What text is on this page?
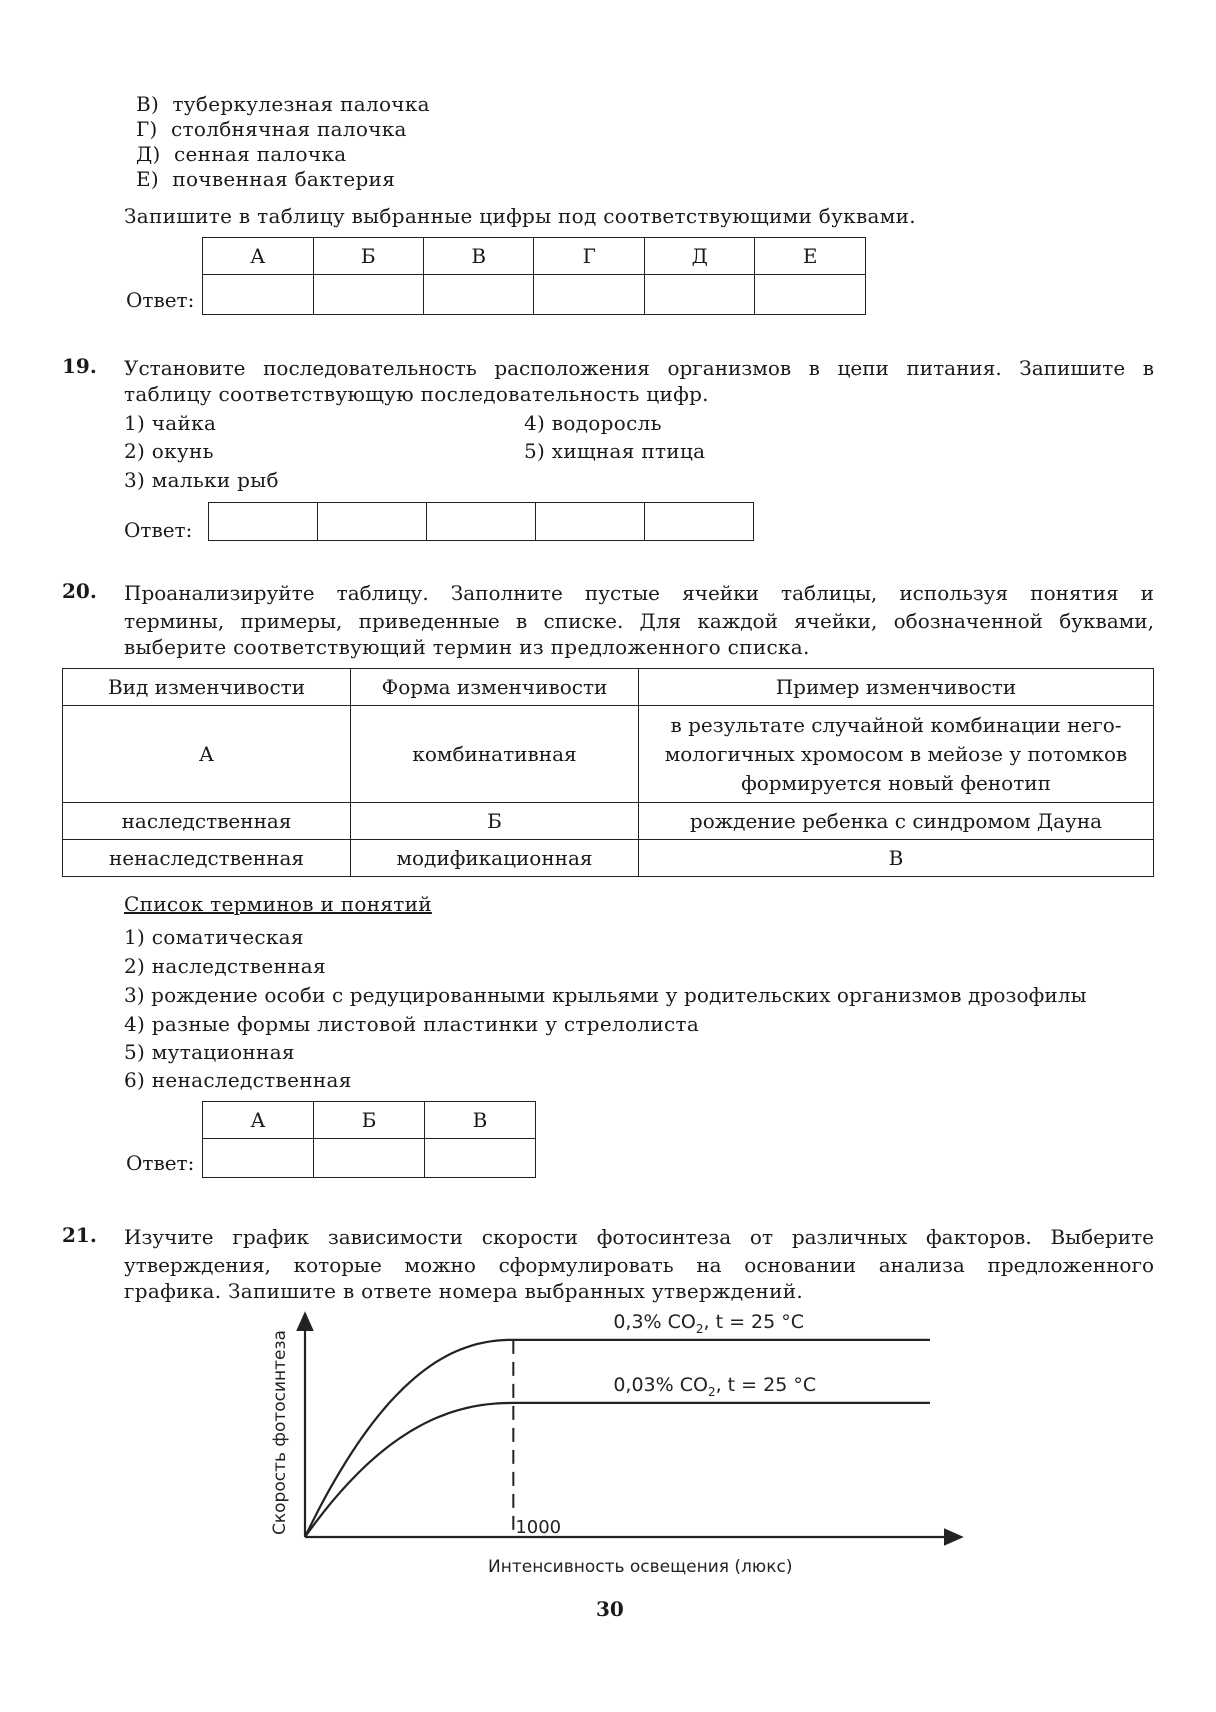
В) туберкулезная палочка
Г) столбнячная палочка
Д) сенная палочка
Е) почвенная бактерия
Запишите в таблицу выбранные цифры под соответствующими буквами.
Ответ:
А	Б	В	Г	Д	Е

19. Установите последовательность расположения организмов в цепи питания. Запишите в
таблицу соответствующую последовательность цифр.
1) чайка
2) окунь
3) мальки рыб
4) водоросль
5) хищная птица
Ответ:

20. Проанализируйте таблицу. Заполните пустые ячейки таблицы, используя понятия и
термины, примеры, приведенные в списке. Для каждой ячейки, обозначенной буквами,
выберите соответствующий термин из предложенного списка.
Вид изменчивости	Форма изменчивости	Пример изменчивости
А	комбинативная	в результате случайной комбинации него-
мологичных хромосом в мейозе у потомков
формируется новый фенотип

наследственная	Б	рождение ребенка с синдромом Дауна
ненаследственная	модификационная	В
Список терминов и понятий
1) соматическая
2) наследственная
3) рождение особи с редуцированными крыльями у родительских организмов дрозофилы
4) разные формы листовой пластинки у стрелолиста
5) мутационная
6) ненаследственная
Ответ:
А	Б	В

21. Изучите график зависимости скорости фотосинтеза от различных факторов. Выберите
утверждения, которые можно сформулировать на основании анализа предложенного
графика. Запишите в ответе номера выбранных утверждений.
0,3% $CO_2$, t = 25 °C
0,03% $CO_2$, t = 25 °C
1000
Скорость фотосинтеза
Интенсивность освещения (люкс)
30
